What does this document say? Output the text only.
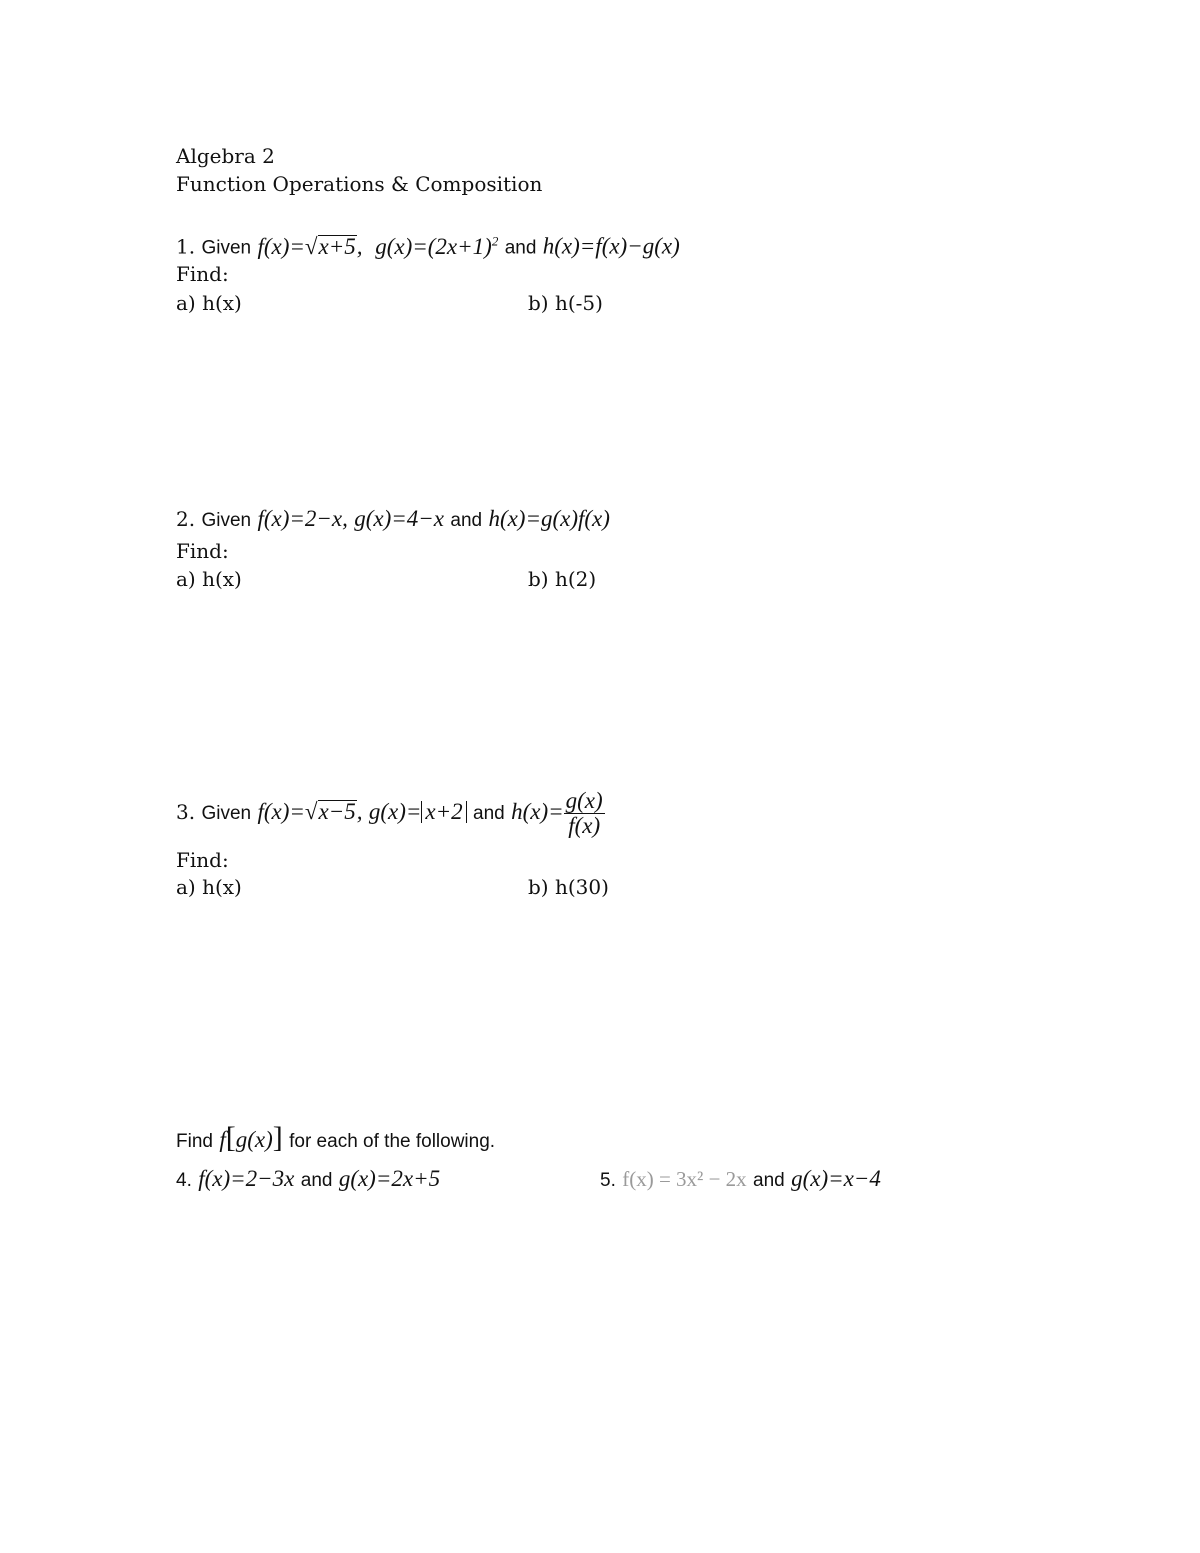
Algebra 2
Function Operations & Composition
1. Given f(x)=√x+5, $g(x)=(2x+1)^2$ and h(x)=f(x)−g(x)
Find:
a) h(x)	b) h(-5)
2. Given f(x)=2−x, g(x)=4−x and h(x)=g(x)f(x)
Find:
a) h(x)	b) h(2)
3. Given f(x)=√x−5, g(x)= x+2 and $h(x)= \frac{g(x)}{f(x)}$
Find:
a) h(x)	b) h(30)
Find f[g(x)] for each of the following.
4. f(x)=2−3x and g(x)=2x+5	5. f(x) = 3x² − 2x and g(x)=x−4
